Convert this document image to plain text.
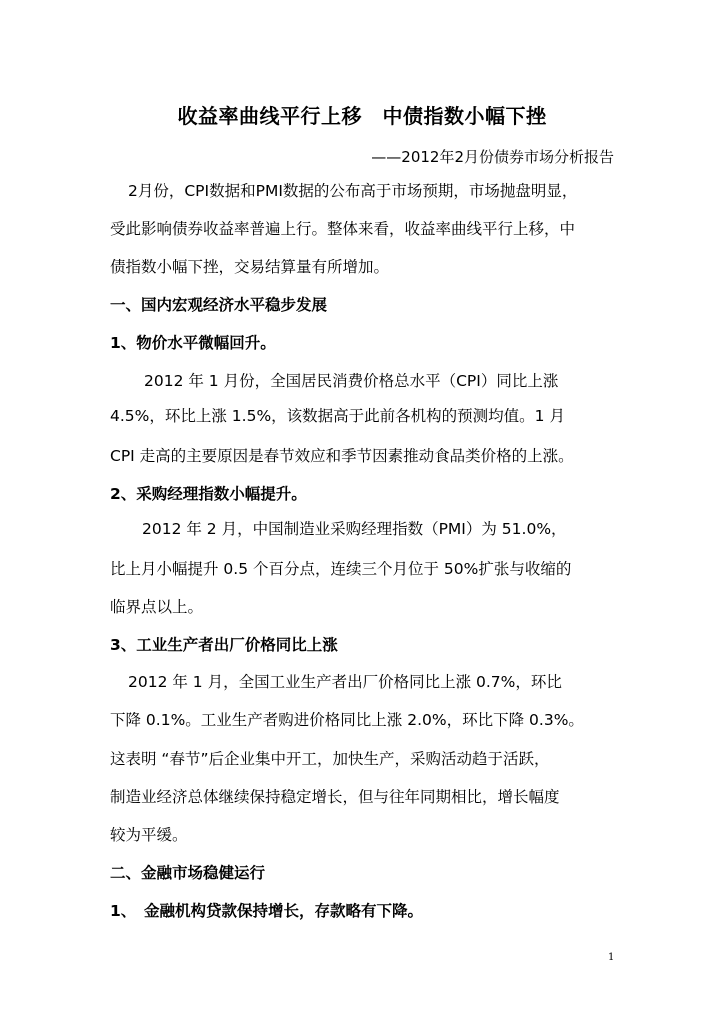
收益率曲线平行上移　中债指数小幅下挫
——2012年2月份债券市场分析报告
2月份，CPI数据和PMI数据的公布高于市场预期，市场抛盘明显，
受此影响债券收益率普遍上行。整体来看，收益率曲线平行上移，中
债指数小幅下挫，交易结算量有所增加。
一、国内宏观经济水平稳步发展
1、物价水平微幅回升。
2012 年 1 月份，全国居民消费价格总水平（CPI）同比上涨
4.5%，环比上涨 1.5%，该数据高于此前各机构的预测均值。1 月
CPI 走高的主要原因是春节效应和季节因素推动食品类价格的上涨。
2、采购经理指数小幅提升。
2012 年 2 月，中国制造业采购经理指数（PMI）为 51.0%，
比上月小幅提升 0.5 个百分点，连续三个月位于 50%扩张与收缩的
临界点以上。
3、工业生产者出厂价格同比上涨
2012 年 1 月，全国工业生产者出厂价格同比上涨 0.7%，环比
下降 0.1%。工业生产者购进价格同比上涨 2.0%，环比下降 0.3%。
这表明 “春节”后企业集中开工，加快生产，采购活动趋于活跃，
制造业经济总体继续保持稳定增长，但与往年同期相比，增长幅度
较为平缓。
二、金融市场稳健运行
1、　金融机构贷款保持增长，存款略有下降。
1
